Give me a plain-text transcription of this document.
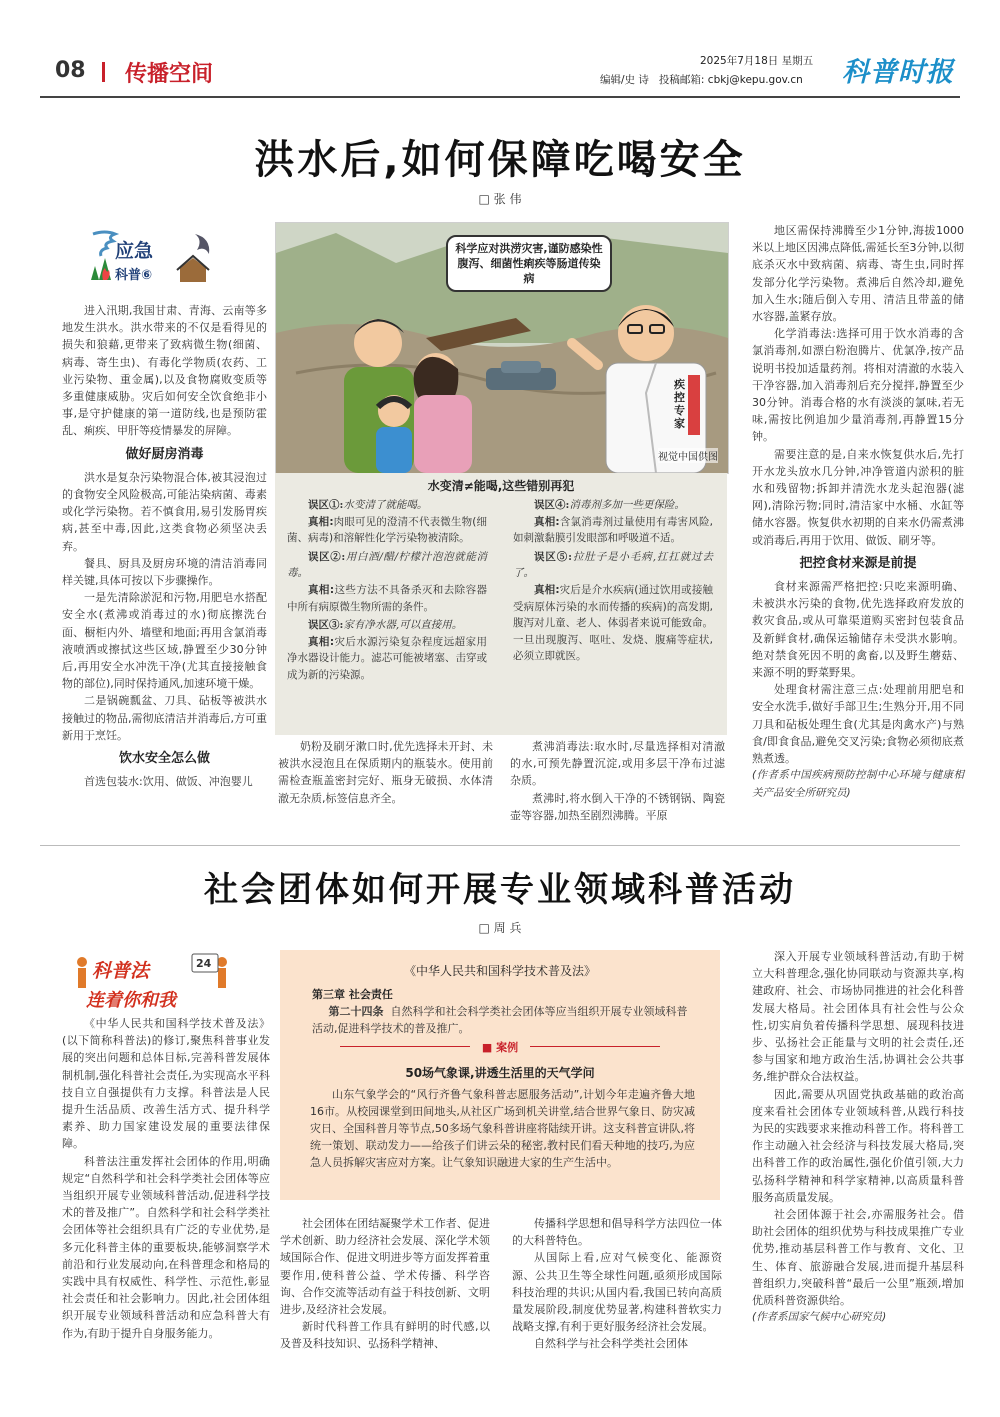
08 传播空间
2025年7月18日 星期五
编辑/史 诗 投稿邮箱: cbkj@kepu.gov.cn 科普时报
洪水后,如何保障吃喝安全
□ 张 伟
应急
科普⑥

进入汛期,我国甘肃、青海、云南等多地发生洪水。洪水带来的不仅是看得见的损失和狼藉,更带来了致病微生物(细菌、病毒、寄生虫)、有毒化学物质(农药、工业污染物、重金属),以及食物腐败变质等多重健康威胁。灾后如何安全饮食绝非小事,是守护健康的第一道防线,也是预防霍乱、痢疾、甲肝等疫情暴发的屏障。

做好厨房消毒

洪水是复杂污染物混合体,被其浸泡过的食物安全风险极高,可能沾染病菌、毒素或化学污染物。若不慎食用,易引发肠胃疾病,甚至中毒,因此,这类食物必须坚决丢弃。

餐具、厨具及厨房环境的清洁消毒同样关键,具体可按以下步骤操作。

一是先清除淤泥和污物,用肥皂水搭配安全水(煮沸或消毒过的水)彻底擦洗台面、橱柜内外、墙壁和地面;再用含氯消毒液喷洒或擦拭这些区域,静置至少30分钟后,再用安全水冲洗干净(尤其直接接触食物的部位),同时保持通风,加速环境干燥。

二是锅碗瓢盆、刀具、砧板等被洪水接触过的物品,需彻底清洁并消毒后,方可重新用于烹饪。

饮水安全怎么做

首选包装水:饮用、做饭、冲泡婴儿

科学应对洪涝灾害,谨防感染性腹泻、细菌性痢疾等肠道传染病
疾控专家
视觉中国供图
水变清≠能喝,这些错别再犯

误区①:水变清了就能喝。

真相:肉眼可见的澄清不代表微生物(细菌、病毒)和溶解性化学污染物被清除。

误区②:用白酒/醋/柠檬汁泡泡就能消毒。

真相:这些方法不具备杀灭和去除容器中所有病原微生物所需的条件。

误区③:家有净水器,可以直接用。

真相:灾后水源污染复杂程度远超家用净水器设计能力。滤芯可能被堵塞、击穿或成为新的污染源。

误区④:消毒剂多加一些更保险。

真相:含氯消毒剂过量使用有毒害风险,如刺激黏膜引发眼部和呼吸道不适。

误区⑤:拉肚子是小毛病,扛扛就过去了。

真相:灾后是介水疾病(通过饮用或接触受病原体污染的水而传播的疾病)的高发期,腹泻对儿童、老人、体弱者来说可能致命。一旦出现腹泻、呕吐、发烧、腹痛等症状,必须立即就医。

奶粉及刷牙漱口时,优先选择未开封、未被洪水浸泡且在保质期内的瓶装水。使用前需检查瓶盖密封完好、瓶身无破损、水体清澈无杂质,标签信息齐全。

煮沸消毒法:取水时,尽量选择相对清澈的水,可预先静置沉淀,或用多层干净布过滤杂质。

煮沸时,将水倒入干净的不锈钢锅、陶瓷壶等容器,加热至剧烈沸腾。平原

地区需保持沸腾至少1分钟,海拔1000米以上地区因沸点降低,需延长至3分钟,以彻底杀灭水中致病菌、病毒、寄生虫,同时挥发部分化学污染物。煮沸后自然冷却,避免加入生水;随后倒入专用、清洁且带盖的储水容器,盖紧存放。

化学消毒法:选择可用于饮水消毒的含氯消毒剂,如漂白粉泡腾片、优氯净,按产品说明书投加适量药剂。将相对清澈的水装入干净容器,加入消毒剂后充分搅拌,静置至少30分钟。消毒合格的水有淡淡的氯味,若无味,需按比例追加少量消毒剂,再静置15分钟。

需要注意的是,自来水恢复供水后,先打开水龙头放水几分钟,冲净管道内淤积的脏水和残留物;拆卸并清洗水龙头起泡器(滤网),清除污物;同时,清洁家中水桶、水缸等储水容器。恢复供水初期的自来水仍需煮沸或消毒后,再用于饮用、做饭、刷牙等。

把控食材来源是前提

食材来源需严格把控:只吃来源明确、未被洪水污染的食物,优先选择政府发放的救灾食品,或从可靠渠道购买密封包装食品及新鲜食材,确保运输储存未受洪水影响。绝对禁食死因不明的禽畜,以及野生蘑菇、来源不明的野菜野果。

处理食材需注意三点:处理前用肥皂和安全水洗手,做好手部卫生;生熟分开,用不同刀具和砧板处理生食(尤其是肉禽水产)与熟食/即食食品,避免交叉污染;食物必须彻底煮熟煮透。

(作者系中国疾病预防控制中心环境与健康相关产品安全所研究员)

社会团体如何开展专业领域科普活动
□ 周 兵
科普法	24
连着你和我

《中华人民共和国科学技术普及法》(以下简称科普法)的修订,聚焦科普事业发展的突出问题和总体目标,完善科普发展体制机制,强化科普社会责任,为实现高水平科技自立自强提供有力支撑。科普法是人民提升生活品质、改善生活方式、提升科学素养、助力国家建设发展的重要法律保障。

科普法注重发挥社会团体的作用,明确规定“自然科学和社会科学类社会团体等应当组织开展专业领域科普活动,促进科学技术的普及推广”。自然科学和社会科学类社会团体等社会组织具有广泛的专业优势,是多元化科普主体的重要板块,能够洞察学术前沿和行业发展动向,在科普理念和格局的实践中具有权威性、科学性、示范性,彰显社会责任和社会影响力。因此,社会团体组织开展专业领域科普活动和应急科普大有作为,有助于提升自身服务能力。

《中华人民共和国科学技术普及法》
第三章 社会责任
第二十四条 自然科学和社会科学类社会团体等应当组织开展专业领域科普活动,促进科学技术的普及推广。
■ 案例
50场气象课,讲透生活里的天气学问
山东气象学会的“风行齐鲁气象科普志愿服务活动”,计划今年走遍齐鲁大地16市。从校园课堂到田间地头,从社区广场到机关讲堂,结合世界气象日、防灾减灾日、全国科普月等节点,50多场气象科普讲座将陆续开讲。这支科普宣讲队,将统一策划、联动发力——给孩子们讲云朵的秘密,教村民们看天种地的技巧,为应急人员拆解灾害应对方案。让气象知识融进大家的生产生活中。

社会团体在团结凝聚学术工作者、促进学术创新、助力经济社会发展、深化学术领域国际合作、促进文明进步等方面发挥着重要作用,使科普公益、学术传播、科学咨询、合作交流等活动有益于科技创新、文明进步,及经济社会发展。

新时代科普工作具有鲜明的时代感,以及普及科技知识、弘扬科学精神、

传播科学思想和倡导科学方法四位一体的大科普特色。

从国际上看,应对气候变化、能源资源、公共卫生等全球性问题,亟须形成国际科技治理的共识;从国内看,我国已转向高质量发展阶段,制度优势显著,构建科普软实力战略支撑,有利于更好服务经济社会发展。

自然科学与社会科学类社会团体

深入开展专业领域科普活动,有助于树立大科普理念,强化协同联动与资源共享,构建政府、社会、市场协同推进的社会化科普发展大格局。社会团体具有社会性与公众性,切实肩负着传播科学思想、展现科技进步、弘扬社会正能量与文明的社会责任,还参与国家和地方政治生活,协调社会公共事务,维护群众合法权益。

因此,需要从巩固党执政基础的政治高度来看社会团体专业领域科普,从践行科技为民的实践要求来推动科普工作。将科普工作主动融入社会经济与科技发展大格局,突出科普工作的政治属性,强化价值引领,大力弘扬科学精神和科学家精神,以高质量科普服务高质量发展。

社会团体源于社会,亦需服务社会。借助社会团体的组织优势与科技成果推广专业优势,推动基层科普工作与教育、文化、卫生、体育、旅游融合发展,进而提升基层科普组织力,突破科普“最后一公里”瓶颈,增加优质科普资源供给。

(作者系国家气候中心研究员)
